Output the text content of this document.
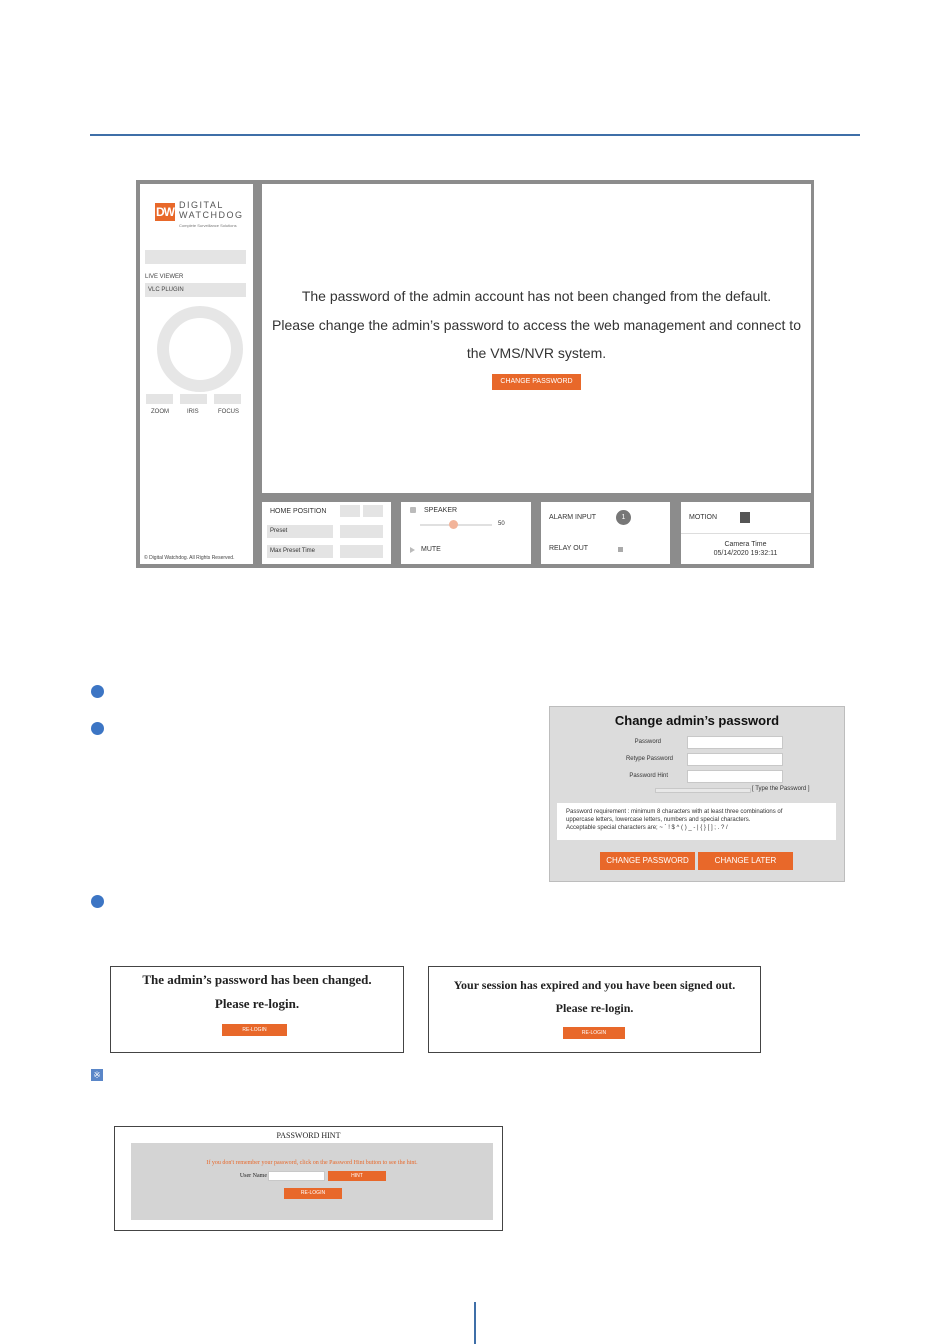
DW DIGITAL
WATCHDOG
Complete Surveillance Solutions
LIVE VIEWER
VLC PLUGIN
ZOOM	IRIS	FOCUS
© Digital Watchdog. All Rights Reserved.
The password of the admin account has not been changed from the default.
Please change the admin’s password to access the web management and connect to
the VMS/NVR system.
CHANGE PASSWORD
HOME POSITION
Preset
Max Preset Time
SPEAKER
50
MUTE
ALARM INPUT	1
RELAY OUT
MOTION
Camera Time
05/14/2020 19:32:11
Change admin’s password
Password
Retype Password
Password Hint
[ Type the Password ]
Password requirement : minimum 8 characters with at least three combinations of
uppercase letters, lowercase letters, numbers and special characters.
Acceptable special characters are; ~ ` ! $ ^ ( ) _ - | { } [ ] ; . ? /
CHANGE PASSWORD	CHANGE LATER
The admin’s password has been changed.
Please re-login.
RE-LOGIN
Your session has expired and you have been signed out.
Please re-login.
RE-LOGIN
※
PASSWORD HINT
If you don't remember your password, click on the Password Hint button to see the hint.
User Name	HINT
RE-LOGIN
